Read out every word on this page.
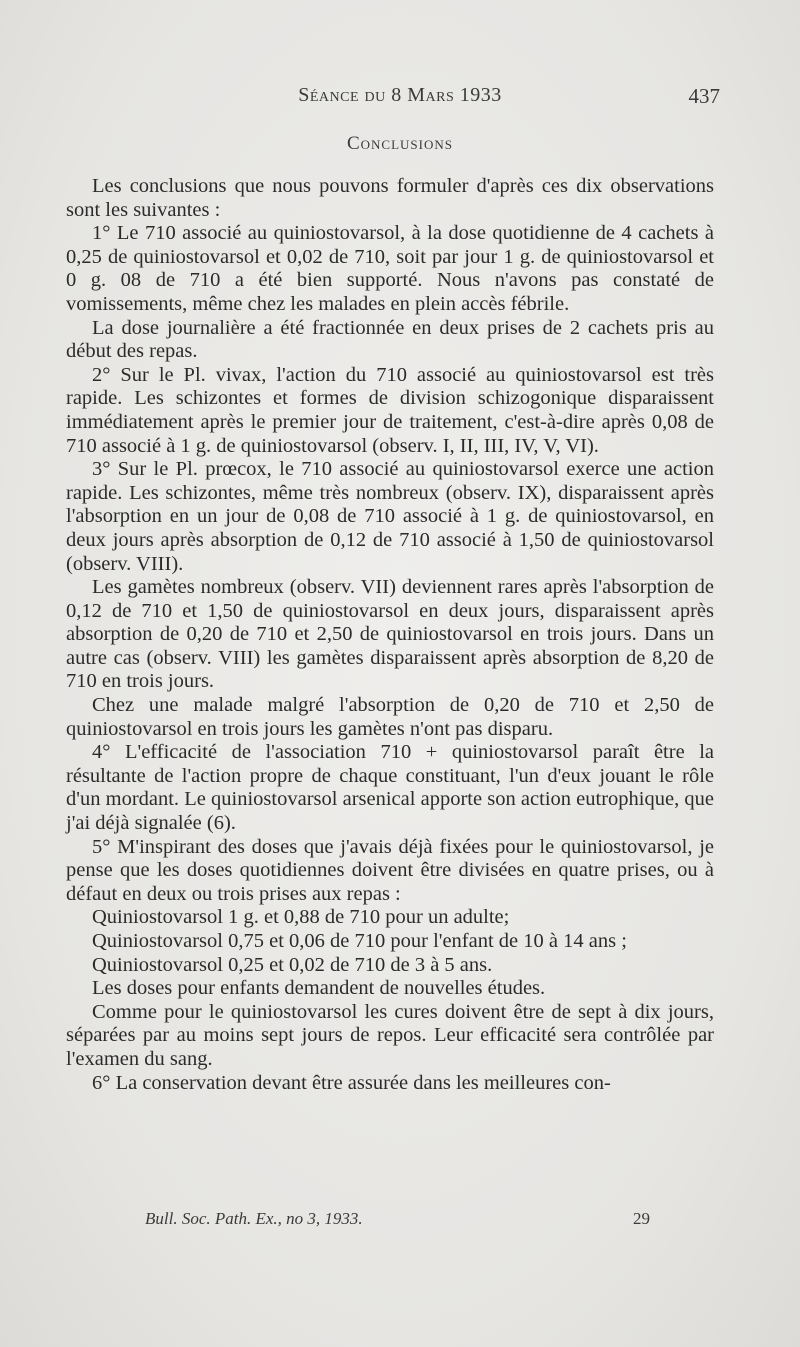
Séance du 8 Mars 1933	437
Conclusions

Les conclusions que nous pouvons formuler d'après ces dix observations sont les suivantes :

1° Le 710 associé au quiniostovarsol, à la dose quotidienne de 4 cachets à 0,25 de quiniostovarsol et 0,02 de 710, soit par jour 1 g. de quiniostovarsol et 0 g. 08 de 710 a été bien supporté. Nous n'avons pas constaté de vomissements, même chez les malades en plein accès fébrile.

La dose journalière a été fractionnée en deux prises de 2 cachets pris au début des repas.

2° Sur le Pl. vivax, l'action du 710 associé au quiniostovarsol est très rapide. Les schizontes et formes de division schizogonique disparaissent immédiatement après le premier jour de traitement, c'est-à-dire après 0,08 de 710 associé à 1 g. de quiniostovarsol (observ. I, II, III, IV, V, VI).

3° Sur le Pl. prœcox, le 710 associé au quiniostovarsol exerce une action rapide. Les schizontes, même très nombreux (observ. IX), disparaissent après l'absorption en un jour de 0,08 de 710 associé à 1 g. de quiniostovarsol, en deux jours après absorption de 0,12 de 710 associé à 1,50 de quiniostovarsol (observ. VIII).

Les gamètes nombreux (observ. VII) deviennent rares après l'absorption de 0,12 de 710 et 1,50 de quiniostovarsol en deux jours, disparaissent après absorption de 0,20 de 710 et 2,50 de quiniostovarsol en trois jours. Dans un autre cas (observ. VIII) les gamètes disparaissent après absorption de 8,20 de 710 en trois jours.

Chez une malade malgré l'absorption de 0,20 de 710 et 2,50 de quiniostovarsol en trois jours les gamètes n'ont pas disparu.

4° L'efficacité de l'association 710 + quiniostovarsol paraît être la résultante de l'action propre de chaque constituant, l'un d'eux jouant le rôle d'un mordant. Le quiniostovarsol arsenical apporte son action eutrophique, que j'ai déjà signalée (6).

5° M'inspirant des doses que j'avais déjà fixées pour le quiniostovarsol, je pense que les doses quotidiennes doivent être divisées en quatre prises, ou à défaut en deux ou trois prises aux repas :

Quiniostovarsol 1 g. et 0,88 de 710 pour un adulte;

Quiniostovarsol 0,75 et 0,06 de 710 pour l'enfant de 10 à 14 ans ;

Quiniostovarsol 0,25 et 0,02 de 710 de 3 à 5 ans.

Les doses pour enfants demandent de nouvelles études.

Comme pour le quiniostovarsol les cures doivent être de sept à dix jours, séparées par au moins sept jours de repos. Leur efficacité sera contrôlée par l'examen du sang.

6° La conservation devant être assurée dans les meilleures con-

Bull. Soc. Path. Ex., no 3, 1933.	29
